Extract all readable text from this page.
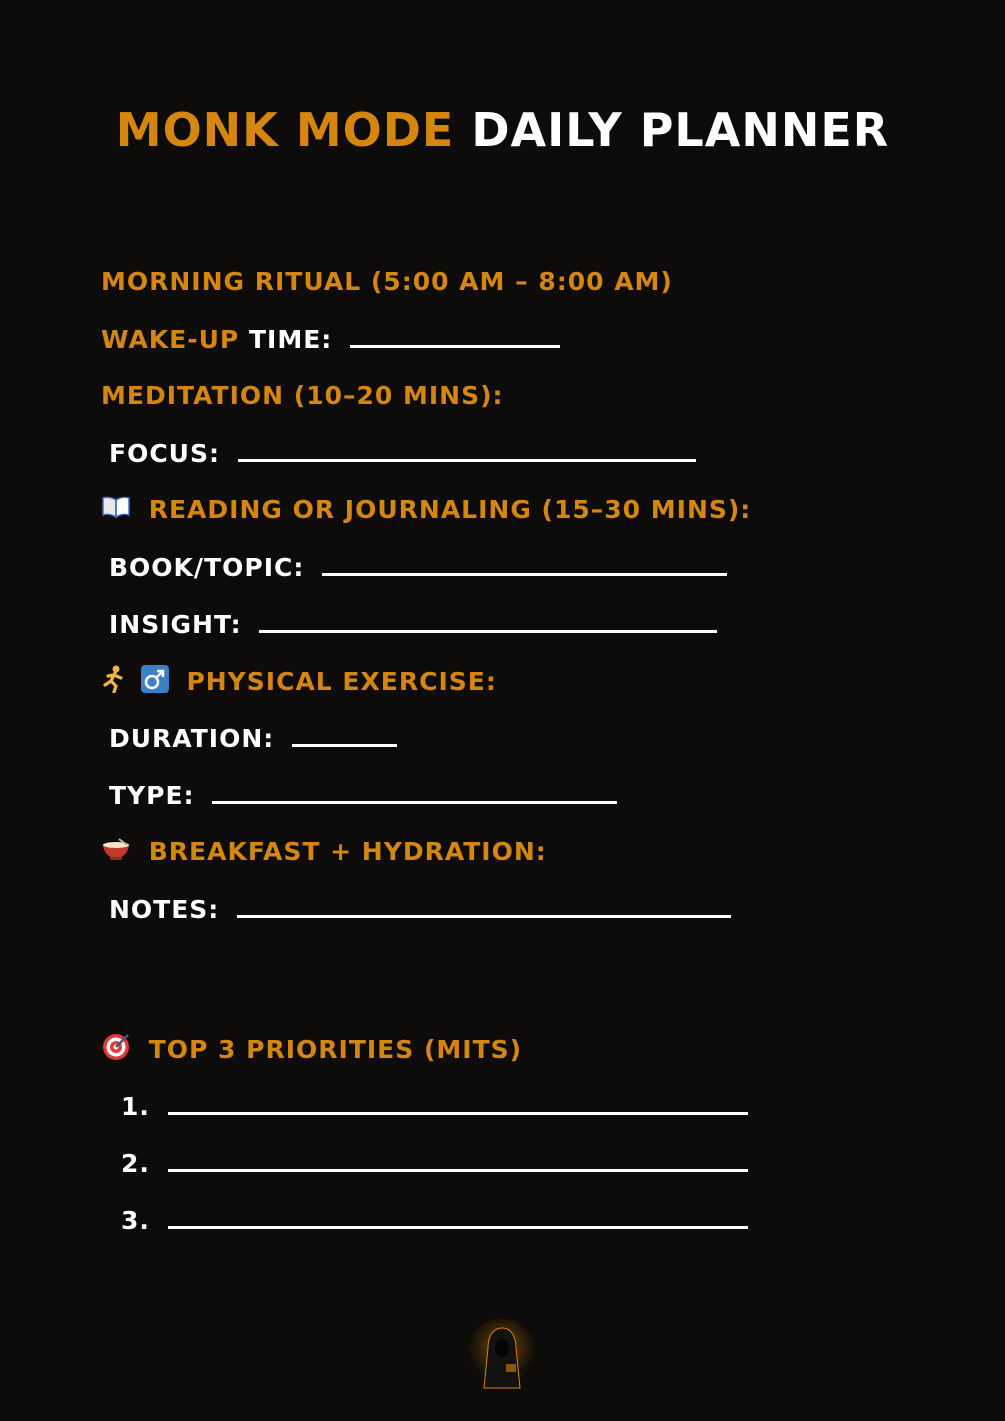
MONK MODE DAILY PLANNER
MORNING RITUAL (5:00 AM – 8:00 AM)
WAKE-UP TIME:
MEDITATION (10–20 MINS):
FOCUS:
READING OR JOURNALING (15–30 MINS):
BOOK/TOPIC:
INSIGHT:
PHYSICAL EXERCISE:
DURATION:
TYPE:
BREAKFAST + HYDRATION:
NOTES:
TOP 3 PRIORITIES (MITS)
1.
2.
3.
